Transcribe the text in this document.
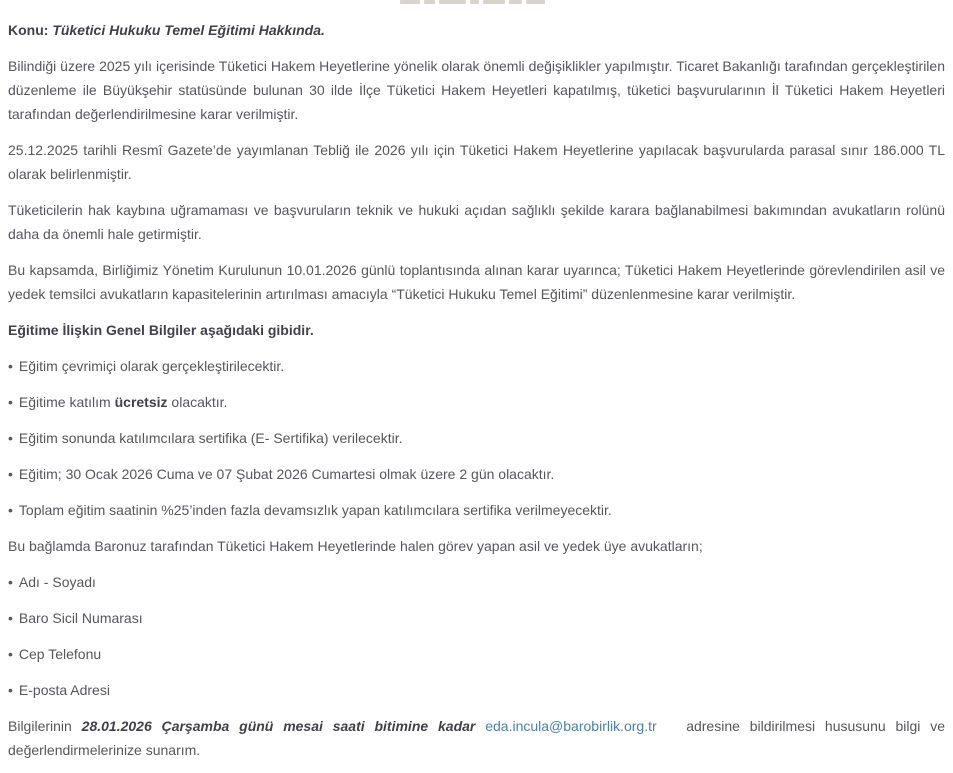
Konu: Tüketici Hukuku Temel Eğitimi Hakkında.

Bilindiği üzere 2025 yılı içerisinde Tüketici Hakem Heyetlerine yönelik olarak önemli değişiklikler yapılmıştır. Ticaret Bakanlığı tarafından gerçekleştirilen düzenleme ile Büyükşehir statüsünde bulunan 30 ilde İlçe Tüketici Hakem Heyetleri kapatılmış, tüketici başvurularının İl Tüketici Hakem Heyetleri tarafından değerlendirilmesine karar verilmiştir.

25.12.2025 tarihli Resmî Gazete’de yayımlanan Tebliğ ile 2026 yılı için Tüketici Hakem Heyetlerine yapılacak başvurularda parasal sınır 186.000 TL olarak belirlenmiştir.

Tüketicilerin hak kaybına uğramaması ve başvuruların teknik ve hukuki açıdan sağlıklı şekilde karara bağlanabilmesi bakımından avukatların rolünü daha da önemli hale getirmiştir.

Bu kapsamda, Birliğimiz Yönetim Kurulunun 10.01.2026 günlü toplantısında alınan karar uyarınca; Tüketici Hakem Heyetlerinde görevlendirilen asil ve yedek temsilci avukatların kapasitelerinin artırılması amacıyla “Tüketici Hukuku Temel Eğitimi” düzenlenmesine karar verilmiştir.

Eğitime İlişkin Genel Bilgiler aşağıdaki gibidir.

• Eğitim çevrimiçi olarak gerçekleştirilecektir.

• Eğitime katılım ücretsiz olacaktır.

• Eğitim sonunda katılımcılara sertifika (E- Sertifika) verilecektir.

• Eğitim; 30 Ocak 2026 Cuma ve 07 Şubat 2026 Cumartesi olmak üzere 2 gün olacaktır.

• Toplam eğitim saatinin %25’inden fazla devamsızlık yapan katılımcılara sertifika verilmeyecektir.

Bu bağlamda Baronuz tarafından Tüketici Hakem Heyetlerinde halen görev yapan asil ve yedek üye avukatların;

• Adı - Soyadı

• Baro Sicil Numarası

• Cep Telefonu

• E-posta Adresi

Bilgilerinin 28.01.2026 Çarşamba günü mesai saati bitimine kadar eda.incula@barobirlik.org.tr   adresine bildirilmesi hususunu bilgi ve değerlendirmelerinize sunarım.
